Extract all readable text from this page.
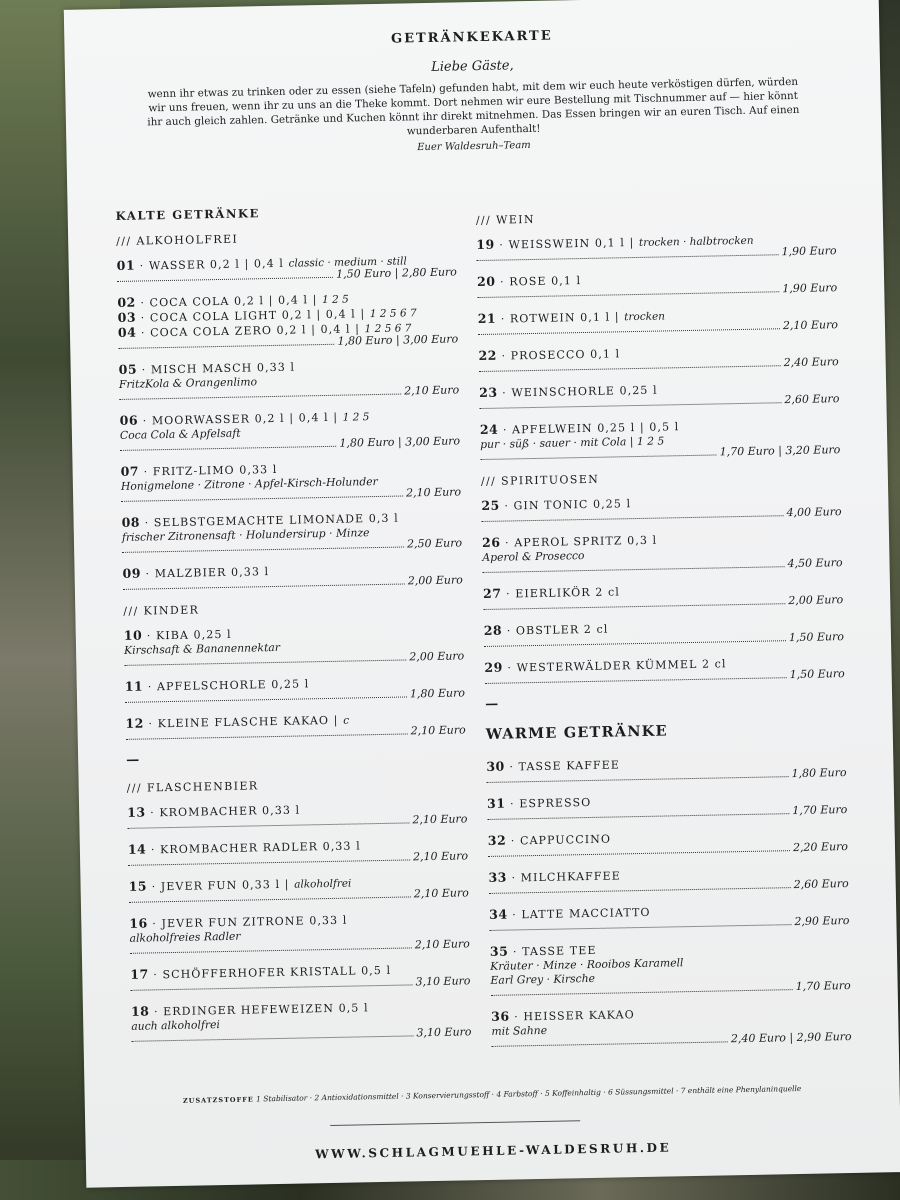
GETRÄNKEKARTE
Liebe Gäste,
wenn ihr etwas zu trinken oder zu essen (siehe Tafeln) gefunden habt, mit dem wir euch heute verköstigen dürfen, würden wir uns freuen, wenn ihr zu uns an die Theke kommt. Dort nehmen wir eure Bestellung mit Tischnummer auf — hier könnt ihr auch gleich zahlen. Getränke und Kuchen könnt ihr direkt mitnehmen. Das Essen bringen wir an euren Tisch. Auf einen wunderbaren Aufenthalt!
Euer Waldesruh–Team
KALTE GETRÄNKE
/// ALKOHOLFREI
01 · WASSER 0,2 l | 0,4 l classic · medium · still
1,50 Euro | 2,80 Euro
02 · COCA COLA 0,2 l | 0,4 l | 1 2 5
03 · COCA COLA LIGHT 0,2 l | 0,4 l | 1 2 5 6 7
04 · COCA COLA ZERO 0,2 l | 0,4 l | 1 2 5 6 7
1,80 Euro | 3,00 Euro
05 · MISCH MASCH 0,33 l
FritzKola & Orangenlimo	2,10 Euro
06 · MOORWASSER 0,2 l | 0,4 l | 1 2 5
Coca Cola & Apfelsaft
1,80 Euro | 3,00 Euro
07 · FRITZ-LIMO 0,33 l
Honigmelone · Zitrone · Apfel-Kirsch-Holunder	2,10 Euro
08 · SELBSTGEMACHTE LIMONADE 0,3 l
frischer Zitronensaft · Holundersirup · Minze	2,50 Euro
09 · MALZBIER 0,33 l
2,00 Euro
/// KINDER
10 · KIBA 0,25 l
Kirschsaft & Bananennektar	2,00 Euro
11 · APFELSCHORLE 0,25 l
1,80 Euro
12 · KLEINE FLASCHE KAKAO | c
2,10 Euro
—
/// FLASCHENBIER
13 · KROMBACHER 0,33 l
2,10 Euro
14 · KROMBACHER RADLER 0,33 l
2,10 Euro
15 · JEVER FUN 0,33 l | alkoholfrei
2,10 Euro
16 · JEVER FUN ZITRONE 0,33 l
alkoholfreies Radler	2,10 Euro
17 · SCHÖFFERHOFER KRISTALL 0,5 l
3,10 Euro
18 · ERDINGER HEFEWEIZEN 0,5 l
auch alkoholfrei	3,10 Euro
/// WEIN
19 · WEISSWEIN 0,1 l | trocken · halbtrocken
1,90 Euro
20 · ROSE 0,1 l	1,90 Euro
21 · ROTWEIN 0,1 l | trocken
2,10 Euro
22 · PROSECCO 0,1 l	2,40 Euro
23 · WEINSCHORLE 0,25 l	2,60 Euro
24 · APFELWEIN 0,25 l | 0,5 l
pur · süß · sauer · mit Cola | 1 2 5	1,70 Euro | 3,20 Euro
/// SPIRITUOSEN
25 · GIN TONIC 0,25 l	4,00 Euro
26 · APEROL SPRITZ 0,3 l
Aperol & Prosecco	4,50 Euro
27 · EIERLIKÖR 2 cl	2,00 Euro
28 · OBSTLER 2 cl	1,50 Euro
29 · WESTERWÄLDER KÜMMEL 2 cl	1,50 Euro
—
WARME GETRÄNKE
30 · TASSE KAFFEE	1,80 Euro
31 · ESPRESSO	1,70 Euro
32 · CAPPUCCINO	2,20 Euro
33 · MILCHKAFFEE	2,60 Euro
34 · LATTE MACCIATTO	2,90 Euro
35 · TASSE TEE
Kräuter · Minze · Rooibos Karamell
Earl Grey · Kirsche	1,70 Euro
36 · HEISSER KAKAO
mit Sahne	2,40 Euro | 2,90 Euro
ZUSATZSTOFFE 1 Stabilisator · 2 Antioxidationsmittel · 3 Konservierungsstoff · 4 Farbstoff · 5 Koffeinhaltig · 6 Süssungsmittel · 7 enthält eine Phenylaninquelle
WWW.SCHLAGMUEHLE-WALDESRUH.DE
